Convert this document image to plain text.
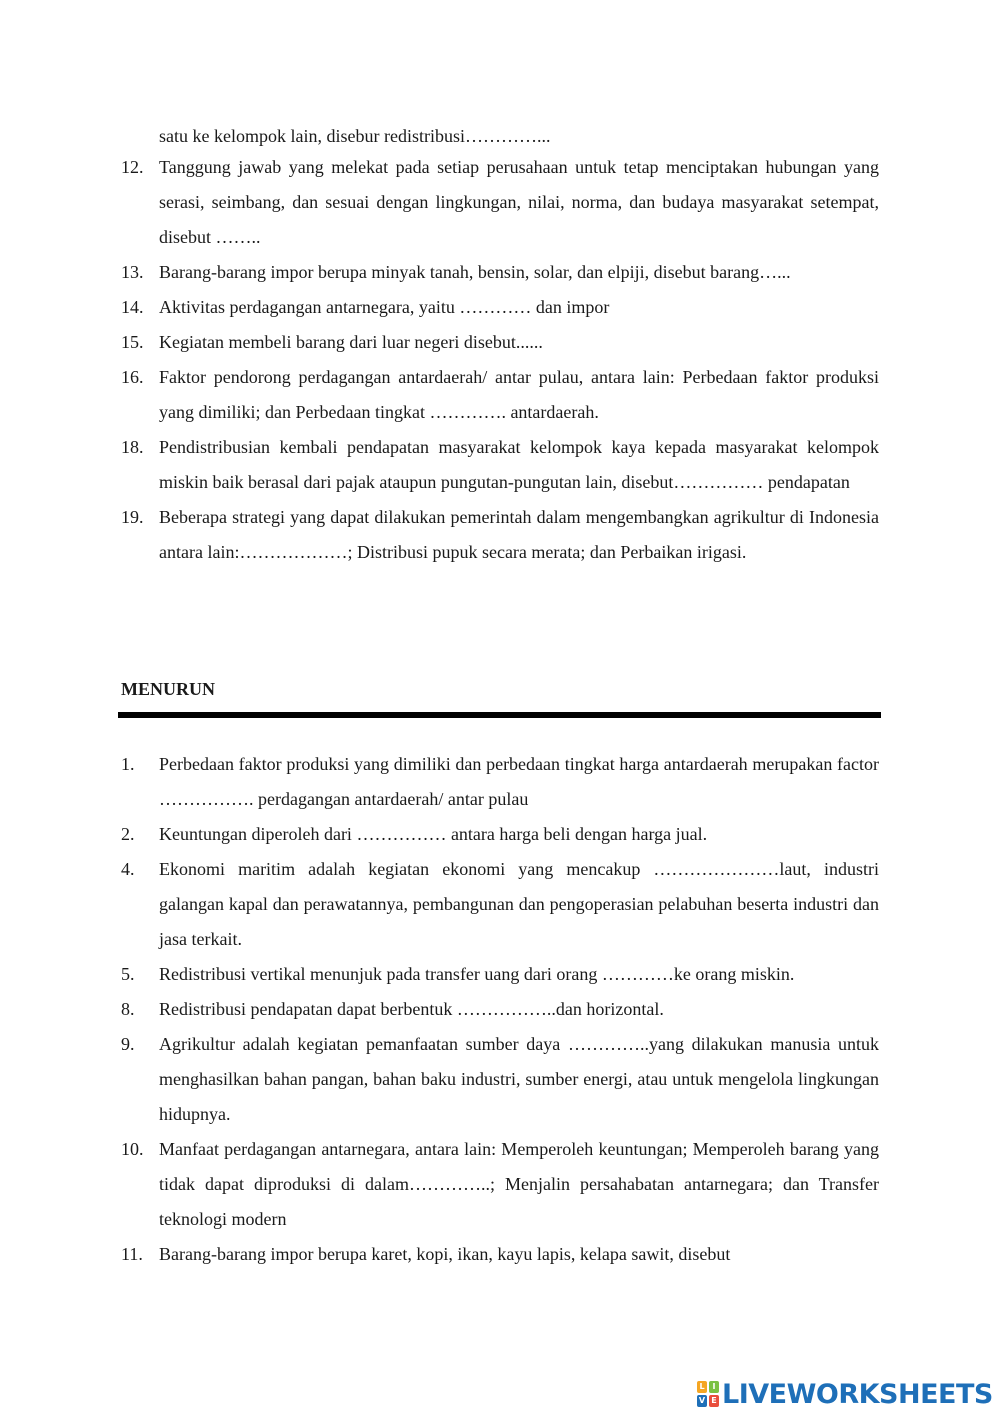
satu ke kelompok lain, disebur redistribusi…………...
12. Tanggung jawab yang melekat pada setiap perusahaan untuk tetap menciptakan hubungan yang serasi, seimbang, dan sesuai dengan lingkungan, nilai, norma, dan budaya masyarakat setempat, disebut ……..
13. Barang-barang impor berupa minyak tanah, bensin, solar, dan elpiji, disebut barang…...
14. Aktivitas perdagangan antarnegara, yaitu ………… dan impor
15. Kegiatan membeli barang dari luar negeri disebut......
16. Faktor pendorong perdagangan antardaerah/ antar pulau, antara lain: Perbedaan faktor produksi yang dimiliki; dan Perbedaan tingkat …………. antardaerah.
18. Pendistribusian kembali pendapatan masyarakat kelompok kaya kepada masyarakat kelompok miskin baik berasal dari pajak ataupun pungutan-pungutan lain, disebut…………… pendapatan
19. Beberapa strategi yang dapat dilakukan pemerintah dalam mengembangkan agrikultur di Indonesia antara lain:………………; Distribusi pupuk secara merata; dan Perbaikan irigasi.
MENURUN
1.	Perbedaan faktor produksi yang dimiliki dan perbedaan tingkat harga antardaerah merupakan factor ……………. perdagangan antardaerah/ antar pulau
2.	Keuntungan diperoleh dari …………… antara harga beli dengan harga jual.
4.	Ekonomi maritim adalah kegiatan ekonomi yang mencakup …………………laut, industri galangan kapal dan perawatannya, pembangunan dan pengoperasian pelabuhan beserta industri dan jasa terkait.
5.	Redistribusi vertikal menunjuk pada transfer uang dari orang …………ke orang miskin.
8.	Redistribusi pendapatan dapat berbentuk ……………..dan horizontal.
9.	Agrikultur adalah kegiatan pemanfaatan sumber daya …………..yang dilakukan manusia untuk menghasilkan bahan pangan, bahan baku industri, sumber energi, atau untuk mengelola lingkungan hidupnya.
10. Manfaat perdagangan antarnegara, antara lain: Memperoleh keuntungan; Memperoleh barang yang tidak dapat diproduksi di dalam…………..; Menjalin persahabatan antarnegara; dan Transfer teknologi modern
11. Barang-barang impor berupa karet, kopi, ikan, kayu lapis, kelapa sawit, disebut
L I
V E LIVEWORKSHEETS
